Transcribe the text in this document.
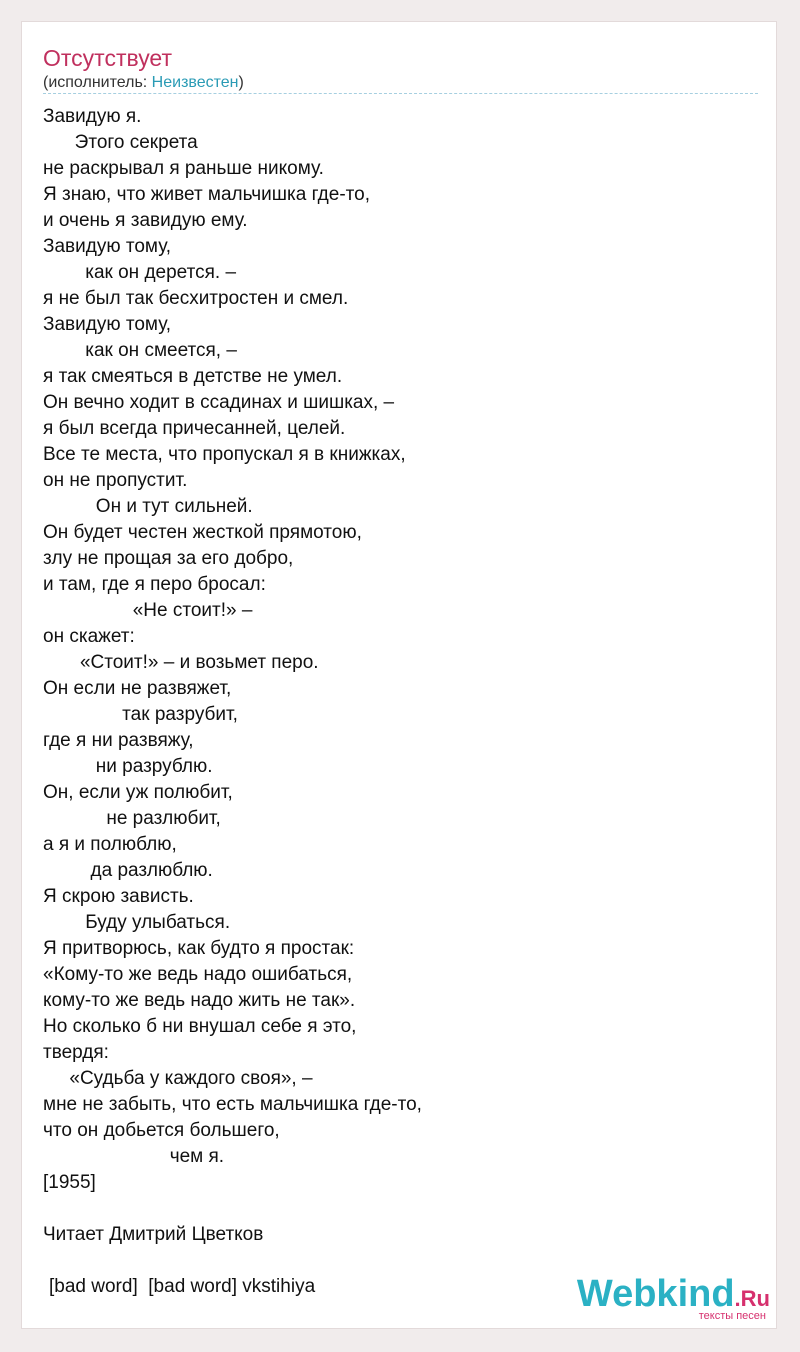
Отсутствует
(исполнитель: Неизвестен)
Завидую я.
Этого секрета
не раскрывал я раньше никому.
Я знаю, что живет мальчишка где-то,
и очень я завидую ему.
Завидую тому,
как он дерется. –
я не был так бесхитростен и смел.
Завидую тому,
как он смеется, –
я так смеяться в детстве не умел.
Он вечно ходит в ссадинах и шишках, –
я был всегда причесанней, целей.
Все те места, что пропускал я в книжках,
он не пропустит.
Он и тут сильней.
Он будет честен жесткой прямотою,
злу не прощая за его добро,
и там, где я перо бросал:
«Не стоит!» –
он скажет:
«Стоит!» – и возьмет перо.
Он если не развяжет,
так разрубит,
где я ни развяжу,
ни разрублю.
Он, если уж полюбит,
не разлюбит,
а я и полюблю,
да разлюблю.
Я скрою зависть.
Буду улыбаться.
Я притворюсь, как будто я простак:
«Кому-то же ведь надо ошибаться,
кому-то же ведь надо жить не так».
Но сколько б ни внушал себе я это,
твердя:
«Судьба у каждого своя», –
мне не забыть, что есть мальчишка где-то,
что он добьется большего,
чем я.
[1955]
Читает Дмитрий Цветков
[bad word]  [bad word] vkstihiya	Webkind.Ru
тексты песен
